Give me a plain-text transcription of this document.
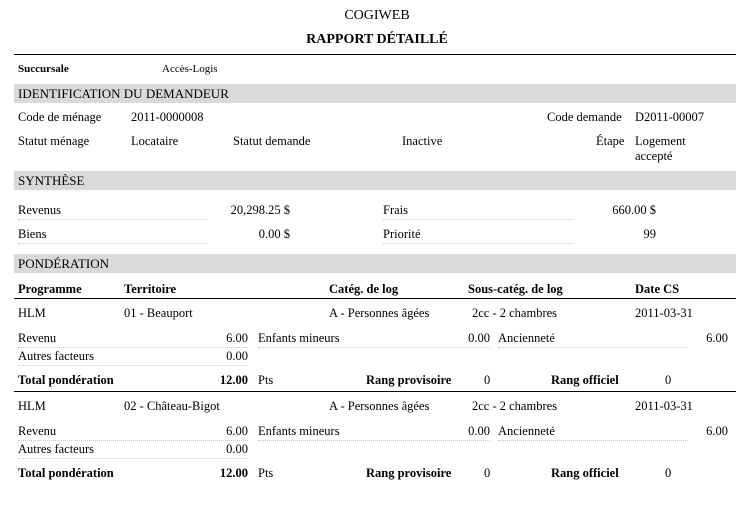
COGIWEB
RAPPORT DÉTAILLÉ
Succursale	Accès-Logis
IDENTIFICATION DU DEMANDEUR
Code de ménage 2011-0000008	Code demande D2011-00007
Statut ménage	Locataire	Statut demande	Inactive	Étape Logement
accepté
SYNTHÈSE
Revenus	20,298.25 $	Frais	660.00 $
Biens	0.00 $	Priorité	99
PONDÉRATION
Programme	Territoire	Catég. de log	Sous-catég. de log	Date CS
HLM	01 - Beauport	A - Personnes âgées	2cc - 2 chambres	2011-03-31
Revenu	6.00 Enfants mineurs	0.00 Ancienneté	6.00
Autres facteurs	0.00
Total pondération	12.00 Pts	Rang provisoire	0	Rang officiel	0
HLM	02 - Château-Bigot	A - Personnes âgées	2cc - 2 chambres	2011-03-31
Revenu	6.00 Enfants mineurs	0.00 Ancienneté	6.00
Autres facteurs	0.00
Total pondération	12.00 Pts	Rang provisoire	0	Rang officiel	0
